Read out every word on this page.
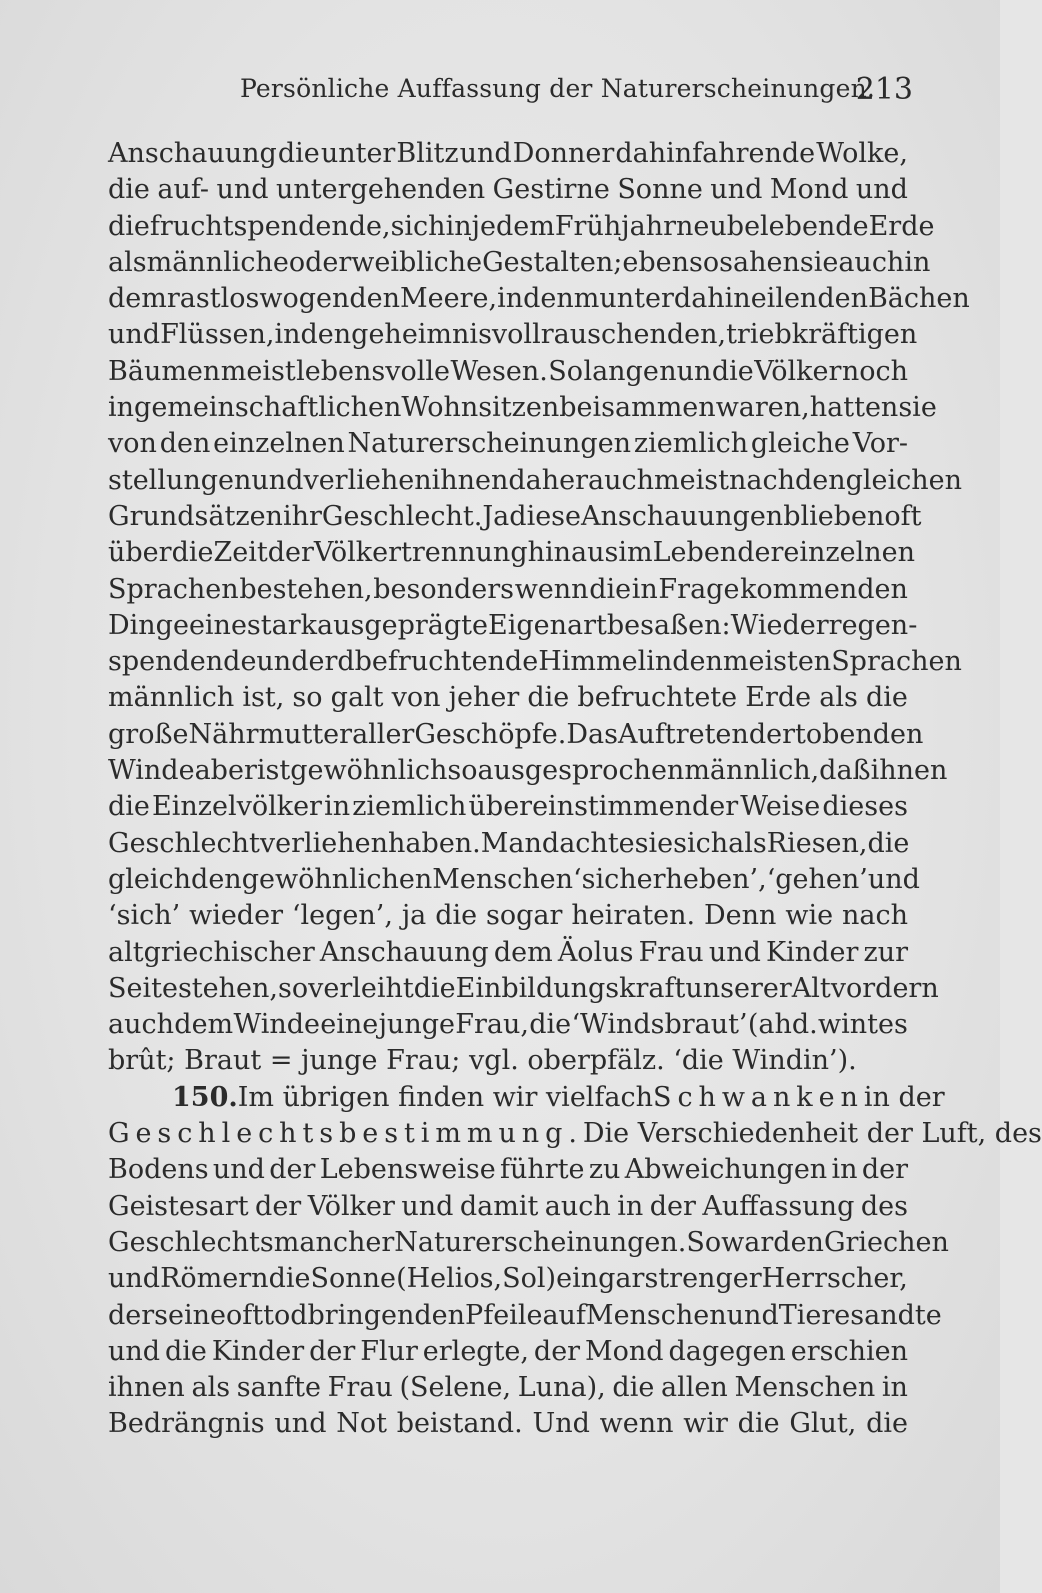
Persönliche Auffassung der Naturerscheinungen.
213
Anschauung die unter Blitz und Donner dahinfahrende Wolke,
die auf- und untergehenden Gestirne Sonne und Mond und
die fruchtspendende, sich in jedem Frühjahr neu belebende Erde
als männliche oder weibliche Gestalten; ebenso sahen sie auch in
dem rastlos wogenden Meere, in den munter dahineilenden Bächen
und Flüssen, in den geheimnisvoll rauschenden, triebkräftigen
Bäumen meist lebensvolle Wesen. So lange nun die Völker noch
in gemeinschaftlichen Wohnsitzen beisammen waren, hatten sie
von den einzelnen Naturerscheinungen ziemlich gleiche Vor-
stellungen und verliehen ihnen daher auch meist nach den gleichen
Grundsätzen ihr Geschlecht. Ja diese Anschauungen blieben oft
über die Zeit der Völkertrennung hinaus im Leben der einzelnen
Sprachen bestehen, besonders wenn die in Frage kommenden
Dinge eine stark ausgeprägte Eigenart besaßen: Wie der regen-
spendende und erdbefruchtende Himmel in den meisten Sprachen
männlich ist, so galt von jeher die befruchtete Erde als die
große Nährmutter aller Geschöpfe. Das Auftreten der tobenden
Winde aber ist gewöhnlich so ausgesprochen männlich, daß ihnen
die Einzelvölker in ziemlich übereinstimmender Weise dieses
Geschlecht verliehen haben. Man dachte sie sich als Riesen, die
gleich den gewöhnlichen Menschen ‘sich erheben’, ‘gehen’ und
‘sich’ wieder ‘legen’, ja die sogar heiraten. Denn wie nach
altgriechischer Anschauung dem Äolus Frau und Kinder zur
Seite stehen, so verleiht die Einbildungskraft unserer Altvordern
auch dem Winde eine junge Frau, die ‘Windsbraut’ (ahd. wintes
brût; Braut = junge Frau; vgl. oberpfälz. ‘die Windin’).
150. Im übrigen finden wir vielfach Schwanken in der
Geschlechtsbestimmung. Die Verschiedenheit der Luft, des
Bodens und der Lebensweise führte zu Abweichungen in der
Geistesart der Völker und damit auch in der Auffassung des
Geschlechts mancher Naturerscheinungen. So war den Griechen
und Römern die Sonne (Helios, Sol) ein gar strenger Herrscher,
der seine oft todbringenden Pfeile auf Menschen und Tiere sandte
und die Kinder der Flur erlegte, der Mond dagegen erschien
ihnen als sanfte Frau (Selene, Luna), die allen Menschen in
Bedrängnis und Not beistand. Und wenn wir die Glut, die
